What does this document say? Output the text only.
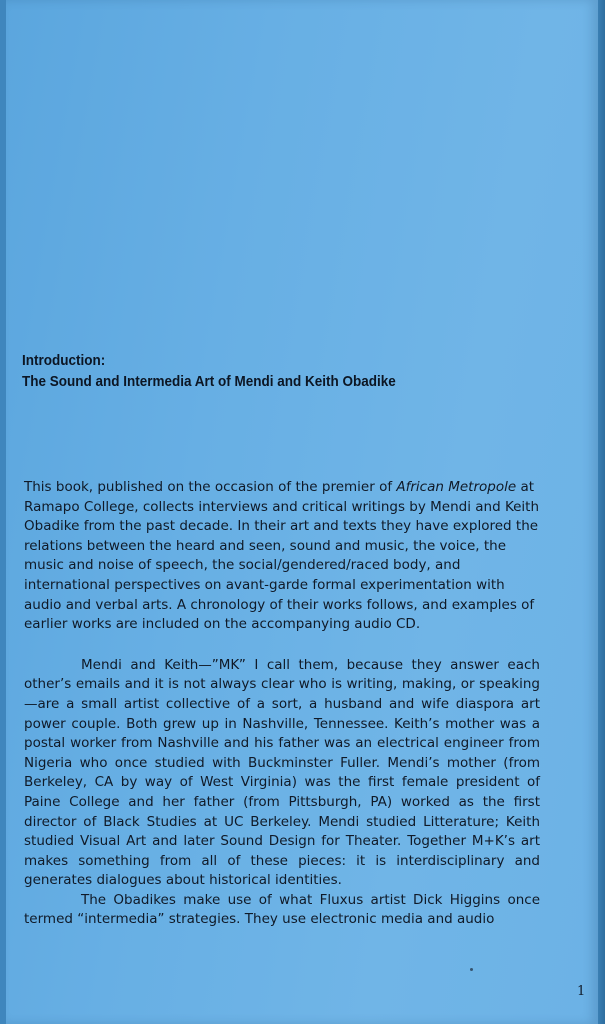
Introduction:
The Sound and Intermedia Art of Mendi and Keith Obadike

This book, published on the occasion of the premier of African Metropole at Ramapo College, collects interviews and critical writings by Mendi and Keith Obadike from the past decade. In their art and texts they have explored the relations between the heard and seen, sound and music, the voice, the music and noise of speech, the social/gendered/raced body, and international perspectives on avant-garde formal experimentation with audio and verbal arts. A chronology of their works follows, and examples of earlier works are included on the accompanying audio CD.

Mendi and Keith—”MK” I call them, because they answer each other’s emails and it is not always clear who is writing, making, or speaking—are a small artist collective of a sort, a husband and wife diaspora art power couple. Both grew up in Nashville, Tennessee. Keith’s mother was a postal worker from Nashville and his father was an electrical engineer from Nigeria who once studied with Buckminster Fuller. Mendi’s mother (from Berkeley, CA by way of West Virginia) was the first female president of Paine College and her father (from Pittsburgh, PA) worked as the first director of Black Studies at UC Berkeley. Mendi studied Litterature; Keith studied Visual Art and later Sound Design for Theater. Together M+K’s art makes something from all of these pieces: it is interdisciplinary and generates dialogues about historical identities.

The Obadikes make use of what Fluxus artist Dick Higgins once termed “intermedia” strategies. They use electronic media and audio

1
